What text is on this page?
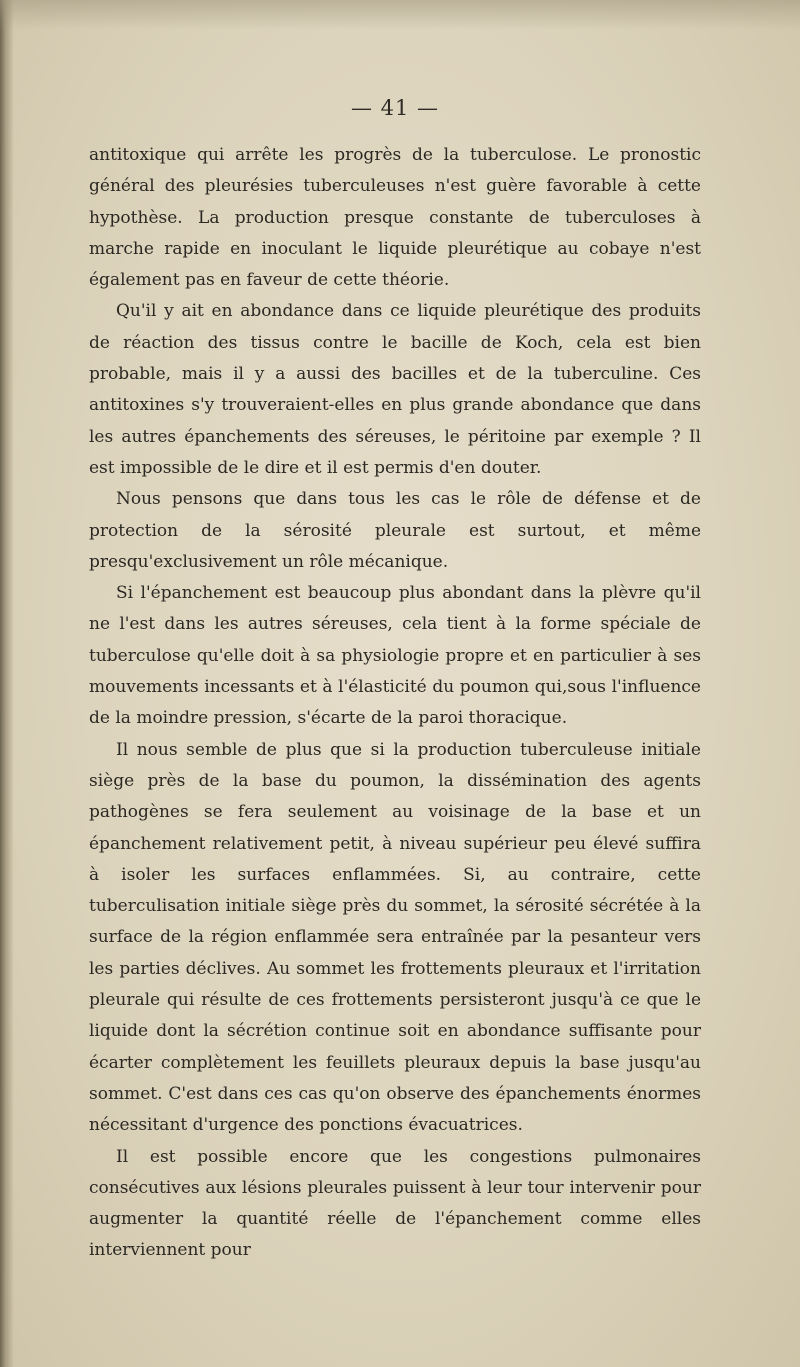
— 41 —

antitoxique qui arrête les progrès de la tuberculose. Le pronostic général des pleurésies tuberculeuses n'est guère favorable à cette hypothèse. La production presque constante de tuberculoses à marche rapide en inoculant le liquide pleurétique au cobaye n'est également pas en faveur de cette théorie.

Qu'il y ait en abondance dans ce liquide pleurétique des produits de réaction des tissus contre le bacille de Koch, cela est bien probable, mais il y a aussi des bacilles et de la tuberculine. Ces antitoxines s'y trouveraient-elles en plus grande abondance que dans les autres épanchements des séreuses, le péritoine par exemple ? Il est impossible de le dire et il est permis d'en douter.

Nous pensons que dans tous les cas le rôle de défense et de protection de la sérosité pleurale est surtout, et même presqu'exclusivement un rôle mécanique.

Si l'épanchement est beaucoup plus abondant dans la plèvre qu'il ne l'est dans les autres séreuses, cela tient à la forme spéciale de tuberculose qu'elle doit à sa physiologie propre et en particulier à ses mouvements incessants et à l'élasticité du poumon qui,sous l'influence de la moindre pression, s'écarte de la paroi thoracique.

Il nous semble de plus que si la production tuberculeuse initiale siège près de la base du poumon, la dissémination des agents pathogènes se fera seulement au voisinage de la base et un épanchement relativement petit, à niveau supérieur peu élevé suffira à isoler les surfaces enflammées. Si, au contraire, cette tuberculisation initiale siège près du sommet, la sérosité sécrétée à la surface de la région enflammée sera entraînée par la pesanteur vers les parties déclives. Au sommet les frottements pleuraux et l'irritation pleurale qui résulte de ces frottements persisteront jusqu'à ce que le liquide dont la sécrétion continue soit en abondance suffisante pour écarter complètement les feuillets pleuraux depuis la base jusqu'au sommet. C'est dans ces cas qu'on observe des épanchements énormes nécessitant d'urgence des ponctions évacuatrices.

Il est possible encore que les congestions pulmonaires consécutives aux lésions pleurales puissent à leur tour intervenir pour augmenter la quantité réelle de l'épanchement comme elles interviennent pour
